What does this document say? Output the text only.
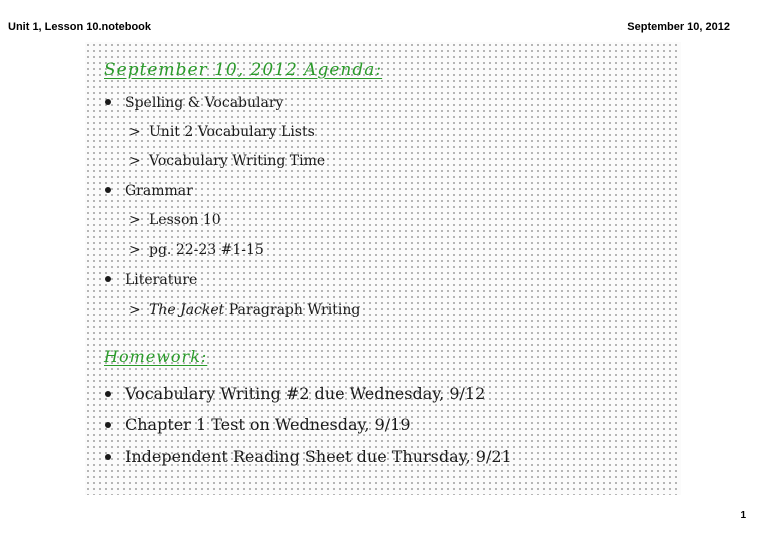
Unit 1, Lesson 10.notebook	September 10, 2012
September 10, 2012 Agenda:
Spelling & Vocabulary
> Unit 2 Vocabulary Lists
> Vocabulary Writing Time
Grammar
> Lesson 10
> pg. 22-23 #1-15
Literature
> The Jacket Paragraph Writing
Homework:
Vocabulary Writing #2 due Wednesday, 9/12
Chapter 1 Test on Wednesday, 9/19
Independent Reading Sheet due Thursday, 9/21
1
